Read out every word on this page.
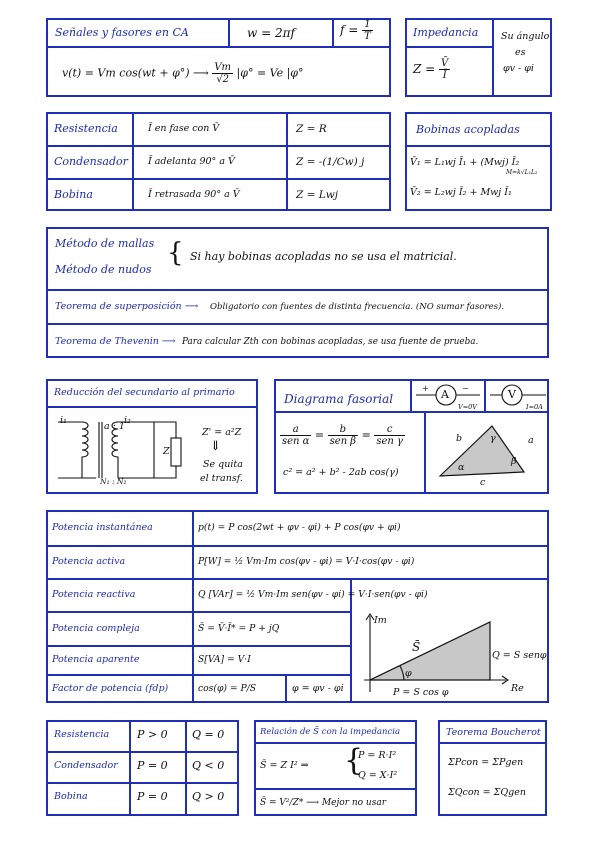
Señales y fasores en CA	w = 2πf	$f = \frac{1}{T}$
v(t) = Vm cos(wt + φ°) ⟶ $\frac{Vm}{√2} |\varphi^\circ = Ve$ |φ°
Impedancia
$Z = \frac{V̄}{Ī}$
Su ángulo
es
φv - φi
Resistencia	Ī en fase con V̄	Z = R
Condensador Ī adelanta 90° a V̄	Z = -(1/Cw) j
Bobina	Ī retrasada 90° a V̄	Z = Lwj
Bobinas acopladas
V̄₁ = L₁wj Ī₁ + (Mwj) Ī₂
M=k√L₁L₂
V̄₂ = L₂wj Ī₂ + Mwj Ī₁
Método de mallas
Método de nudos
{ Si hay bobinas acopladas no se usa el matricial.
Teorema de superposición ⟶ Obligatorio con fuentes de distinta frecuencia. (NO sumar fasores).
Teorema de Thevenin ⟶ Para calcular Zth con bobinas acopladas, se usa fuente de prueba.
Reducción del secundario al primario
i₁	i₂
a : 1
N₁ : N₂
Z
Z' = a²Z
⇓
Se quita
el transf.
Diagrama fasorial
+	−
A
V=0V
V
I=0A
$\frac{a}{\text{sen α}} = \frac{b}{\text{sen β}} = \frac{c}{\text{sen γ}}$
c² = a² + b² - 2ab cos(γ)
b	a
c
α
β
γ
Potencia instantánea	p(t) = P cos(2wt + φv - φi) + P cos(φv + φi)
Potencia activa	P[W] = ½ Vm·Im cos(φv - φi) = V·I·cos(φv - φi)
Potencia reactiva	Q [VAr] = ½ Vm·Im sen(φv - φi) = V·I·sen(φv - φi)
Potencia compleja	S̄ = V̄·Ī* = P + jQ
Potencia aparente	S[VA] = V·I
Factor de potencia (fdp)	cos(φ) = P/S	φ = φv - φi
Im
Re
S̄
φ
Q = S senφ
P = S cos φ
Resistencia	P > 0 Q = 0
Condensador P = 0 Q < 0
Bobina	P = 0 Q > 0
Relación de S̄ con la impedancia
S̄ = Z I² ⇒ {
P = R·I²
Q = X·I²
S̄ = V²/Z* ⟶ Mejor no usar
Teorema Boucherot
ΣPcon = ΣPgen
ΣQcon = ΣQgen
